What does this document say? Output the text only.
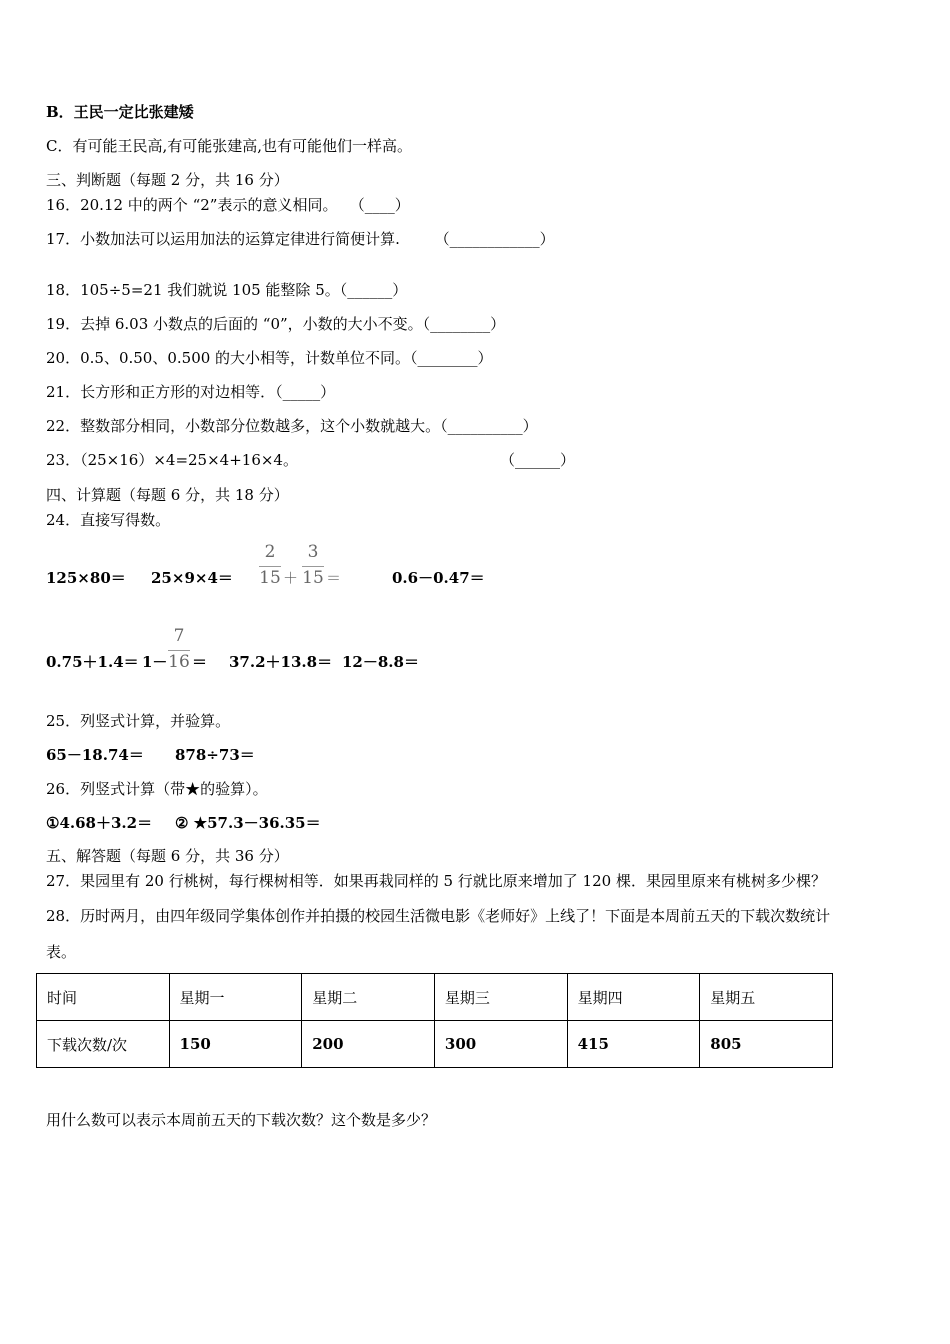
B．王民一定比张建矮
C．有可能王民高,有可能张建高,也有可能他们一样高。
三、判断题（每题 2 分，共 16 分）
16．20.12 中的两个 “2”表示的意义相同。　 （____）
17．小数加法可以运用加法的运算定律进行简便计算.　　 （____________）
18．105÷5=21 我们就说 105 能整除 5。（______）
19．去掉 6.03 小数点的后面的 “0”，小数的大小不变。（________）
20．0.5、0.50、0.500 的大小相等，计数单位不同。（________）
21．长方形和正方形的对边相等．（_____）
22．整数部分相同，小数部分位数越多，这个小数就越大。（__________）
23．（25×16）×4=25×4+16×4。	（______）
四、计算题（每题 6 分，共 18 分）
24．直接写得数。
125×80＝ 25×9×4＝
2
15 ＋
3
15 ＝	0.6－0.47＝
0.75＋1.4＝ 1－
7
16 ＝ 37.2＋13.8＝ 12－8.8＝
25．列竖式计算，并验算。
65－18.74＝ 878÷73＝
26．列竖式计算（带★的验算）。
①4.68＋3.2＝ ② ★57.3－36.35＝
五、解答题（每题 6 分，共 36 分）
27．果园里有 20 行桃树，每行棵树相等．如果再栽同样的 5 行就比原来增加了 120 棵．果园里原来有桃树多少棵？
28．历时两月，由四年级同学集体创作并拍摄的校园生活微电影《老师好》上线了！下面是本周前五天的下载次数统计
表。
时间	星期一	星期二	星期三	星期四	星期五
下载次数/次	150	200	300	415	805
用什么数可以表示本周前五天的下载次数？这个数是多少？
